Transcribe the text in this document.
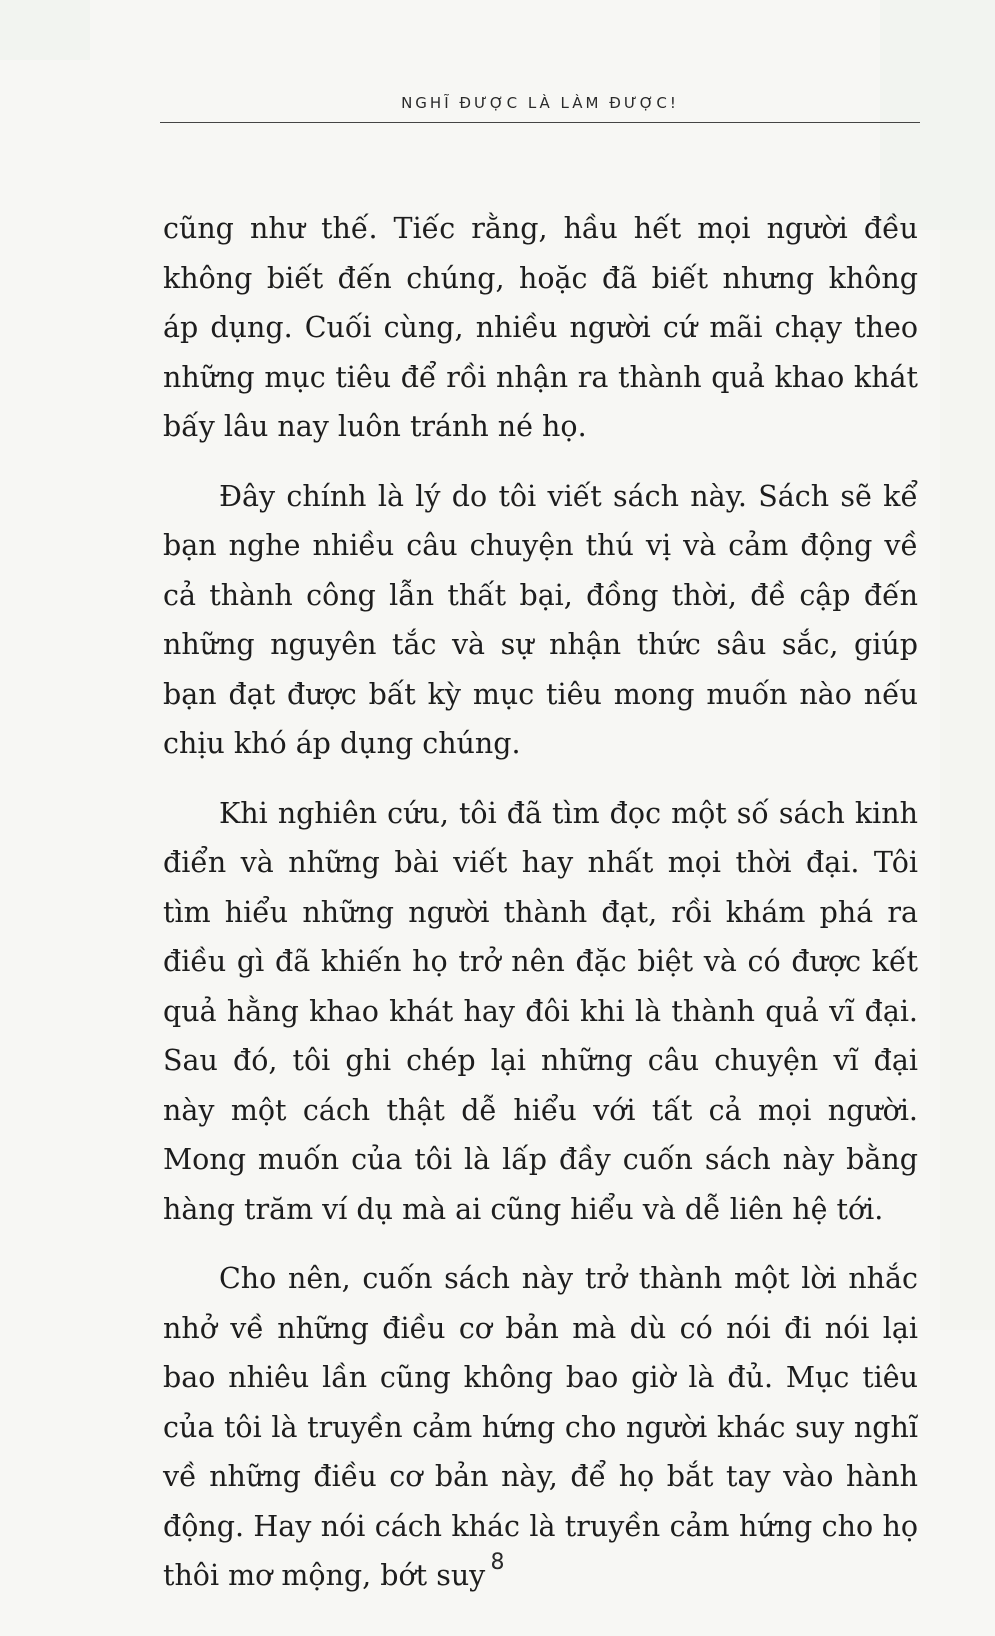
NGHĨ ĐƯỢC LÀ LÀM ĐƯỢC!

cũng như thế. Tiếc rằng, hầu hết mọi người đều không biết đến chúng, hoặc đã biết nhưng không áp dụng. Cuối cùng, nhiều người cứ mãi chạy theo những mục tiêu để rồi nhận ra thành quả khao khát bấy lâu nay luôn tránh né họ.

Đây chính là lý do tôi viết sách này. Sách sẽ kể bạn nghe nhiều câu chuyện thú vị và cảm động về cả thành công lẫn thất bại, đồng thời, đề cập đến những nguyên tắc và sự nhận thức sâu sắc, giúp bạn đạt được bất kỳ mục tiêu mong muốn nào nếu chịu khó áp dụng chúng.

Khi nghiên cứu, tôi đã tìm đọc một số sách kinh điển và những bài viết hay nhất mọi thời đại. Tôi tìm hiểu những người thành đạt, rồi khám phá ra điều gì đã khiến họ trở nên đặc biệt và có được kết quả hằng khao khát hay đôi khi là thành quả vĩ đại. Sau đó, tôi ghi chép lại những câu chuyện vĩ đại này một cách thật dễ hiểu với tất cả mọi người. Mong muốn của tôi là lấp đầy cuốn sách này bằng hàng trăm ví dụ mà ai cũng hiểu và dễ liên hệ tới.

Cho nên, cuốn sách này trở thành một lời nhắc nhở về những điều cơ bản mà dù có nói đi nói lại bao nhiêu lần cũng không bao giờ là đủ. Mục tiêu của tôi là truyền cảm hứng cho người khác suy nghĩ về những điều cơ bản này, để họ bắt tay vào hành động. Hay nói cách khác là truyền cảm hứng cho họ thôi mơ mộng, bớt suy 8
